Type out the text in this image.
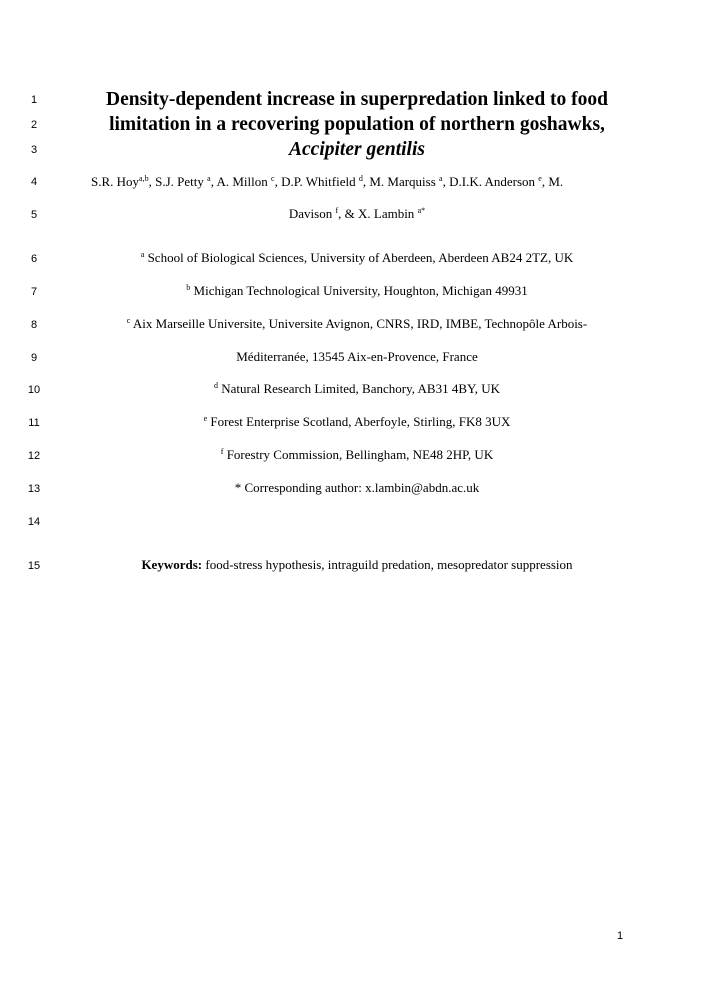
1
2
3
4
5
6
7
8
9
10
11
12
13
14
15
Density-dependent increase in superpredation linked to food
limitation in a recovering population of northern goshawks,
Accipiter gentilis
S.R. Hoy$^{a,b}$, S.J. Petty $^a$, A. Millon $^c$, D.P. Whitfield $^d$, M. Marquiss $^a$, D.I.K. Anderson $^e$, M.
Davison $^f$, & X. Lambin $^{a*}$
$^a$ School of Biological Sciences, University of Aberdeen, Aberdeen AB24 2TZ, UK
$^b$ Michigan Technological University, Houghton, Michigan 49931
$^c$ Aix Marseille Universite, Universite Avignon, CNRS, IRD, IMBE, Technopôle Arbois-
Méditerranée, 13545 Aix-en-Provence, France
$^d$ Natural Research Limited, Banchory, AB31 4BY, UK
$^e$ Forest Enterprise Scotland, Aberfoyle, Stirling, FK8 3UX
$^f$ Forestry Commission, Bellingham, NE48 2HP, UK
* Corresponding author: x.lambin@abdn.ac.uk
Keywords: food-stress hypothesis, intraguild predation, mesopredator suppression
1
